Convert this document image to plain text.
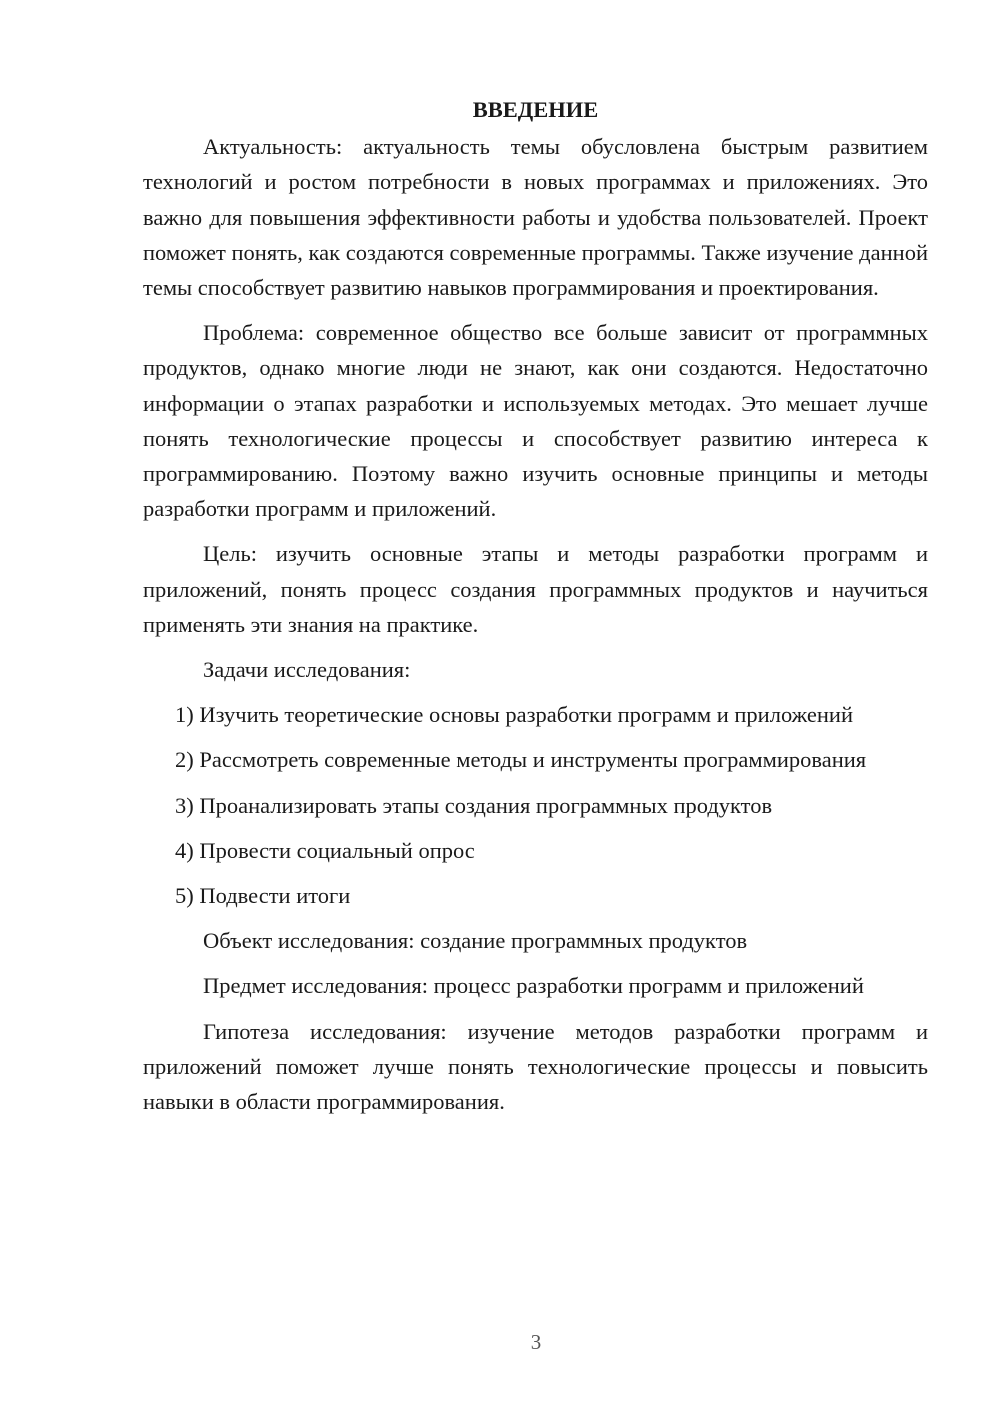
ВВЕДЕНИЕ

Актуальность: актуальность темы обусловлена быстрым развитием технологий и ростом потребности в новых программах и приложениях. Это важно для повышения эффективности работы и удобства пользователей. Проект поможет понять, как создаются современные программы. Также изучение данной темы способствует развитию навыков программирования и проектирования.

Проблема: современное общество все больше зависит от программных продуктов, однако многие люди не знают, как они создаются. Недостаточно информации о этапах разработки и используемых методах. Это мешает лучше понять технологические процессы и способствует развитию интереса к программированию. Поэтому важно изучить основные принципы и методы разработки программ и приложений.

Цель: изучить основные этапы и методы разработки программ и приложений, понять процесс создания программных продуктов и научиться применять эти знания на практике.

Задачи исследования:

1) Изучить теоретические основы разработки программ и приложений

2) Рассмотреть современные методы и инструменты программирования

3) Проанализировать этапы создания программных продуктов

4) Провести социальный опрос

5) Подвести итоги

Объект исследования: создание программных продуктов

Предмет исследования: процесс разработки программ и приложений

Гипотеза исследования: изучение методов разработки программ и приложений поможет лучше понять технологические процессы и повысить навыки в области программирования.

3
